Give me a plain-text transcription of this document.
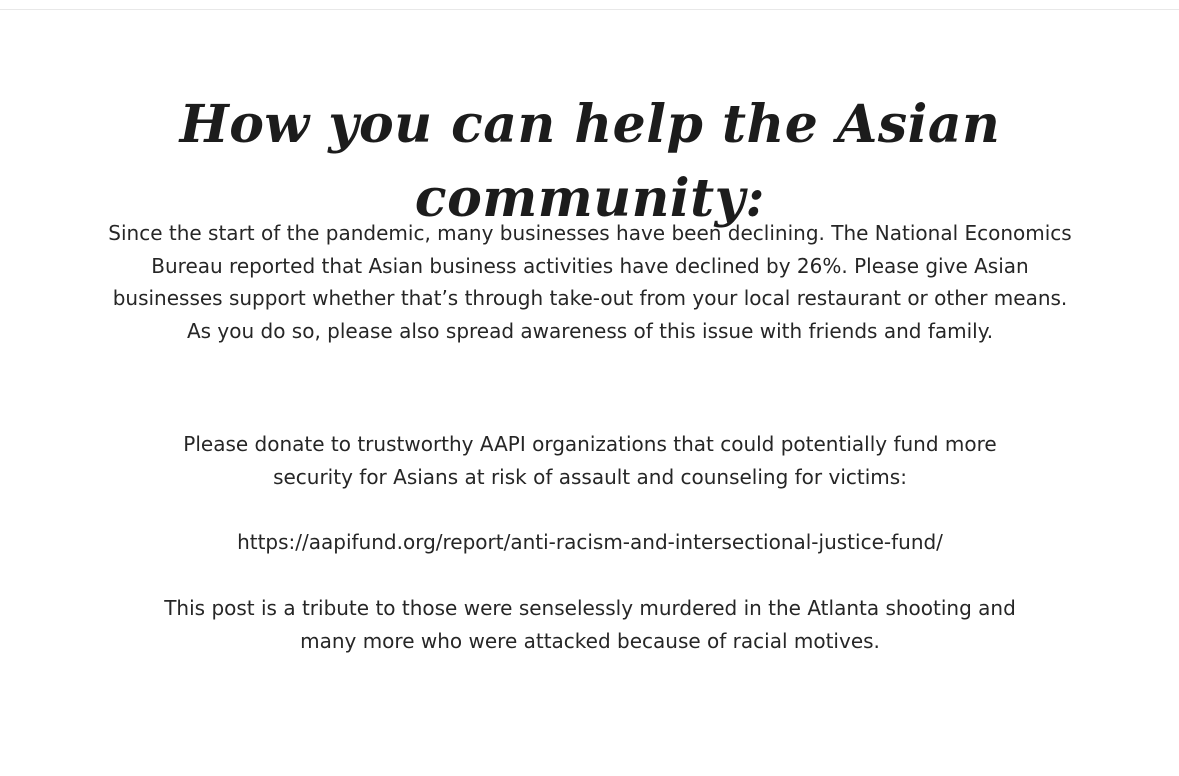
How you can help the Asian community:

Since the start of the pandemic, many businesses have been declining. The National Economics Bureau reported that Asian business activities have declined by 26%. Please give Asian businesses support whether that’s through take-out from your local restaurant or other means. As you do so, please also spread awareness of this issue with friends and family.

Please donate to trustworthy AAPI organizations that could potentially fund more security for Asians at risk of assault and counseling for victims:

https://aapifund.org/report/anti-racism-and-intersectional-justice-fund/

This post is a tribute to those were senselessly murdered in the Atlanta shooting and many more who were attacked because of racial motives.
